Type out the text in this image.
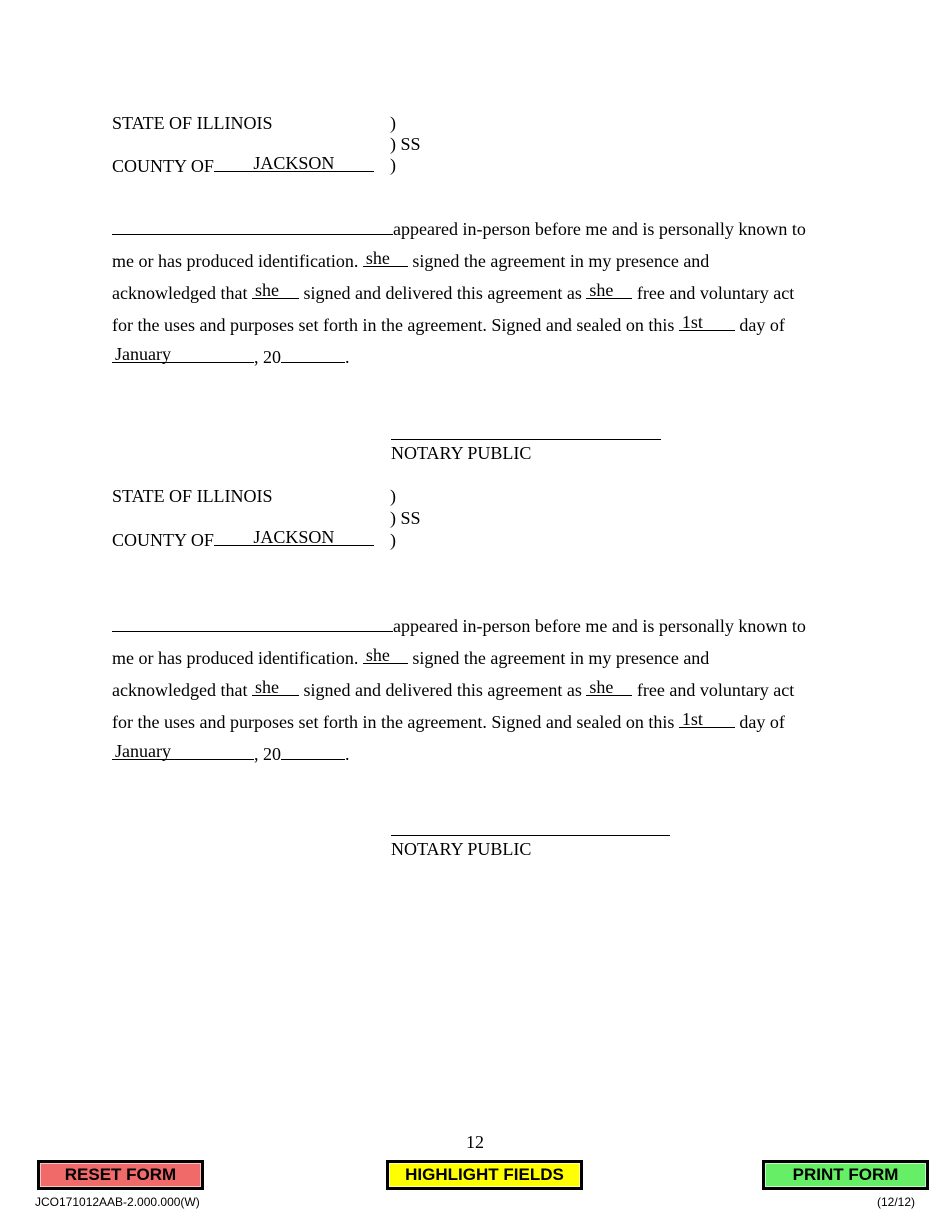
STATE OF ILLINOIS	)
) SS
)
COUNTY OF	JACKSON
appeared in-person before me and is personally known to
me or has produced identification. she	signed the agreement in my presence and
acknowledged that she	signed and delivered this agreement as she	free and voluntary act
for the uses and purposes set forth in the agreement. Signed and sealed on this 1st	day of
January	, 20	.
NOTARY PUBLIC
STATE OF ILLINOIS	)
) SS
)
COUNTY OF	JACKSON
appeared in-person before me and is personally known to
me or has produced identification. she	signed the agreement in my presence and
acknowledged that she	signed and delivered this agreement as she	free and voluntary act
for the uses and purposes set forth in the agreement. Signed and sealed on this 1st	day of
January	, 20	.
NOTARY PUBLIC
12
RESET FORM	HIGHLIGHT FIELDS	PRINT FORM
JCO171012AAB-2.000.000(W)	(12/12)
